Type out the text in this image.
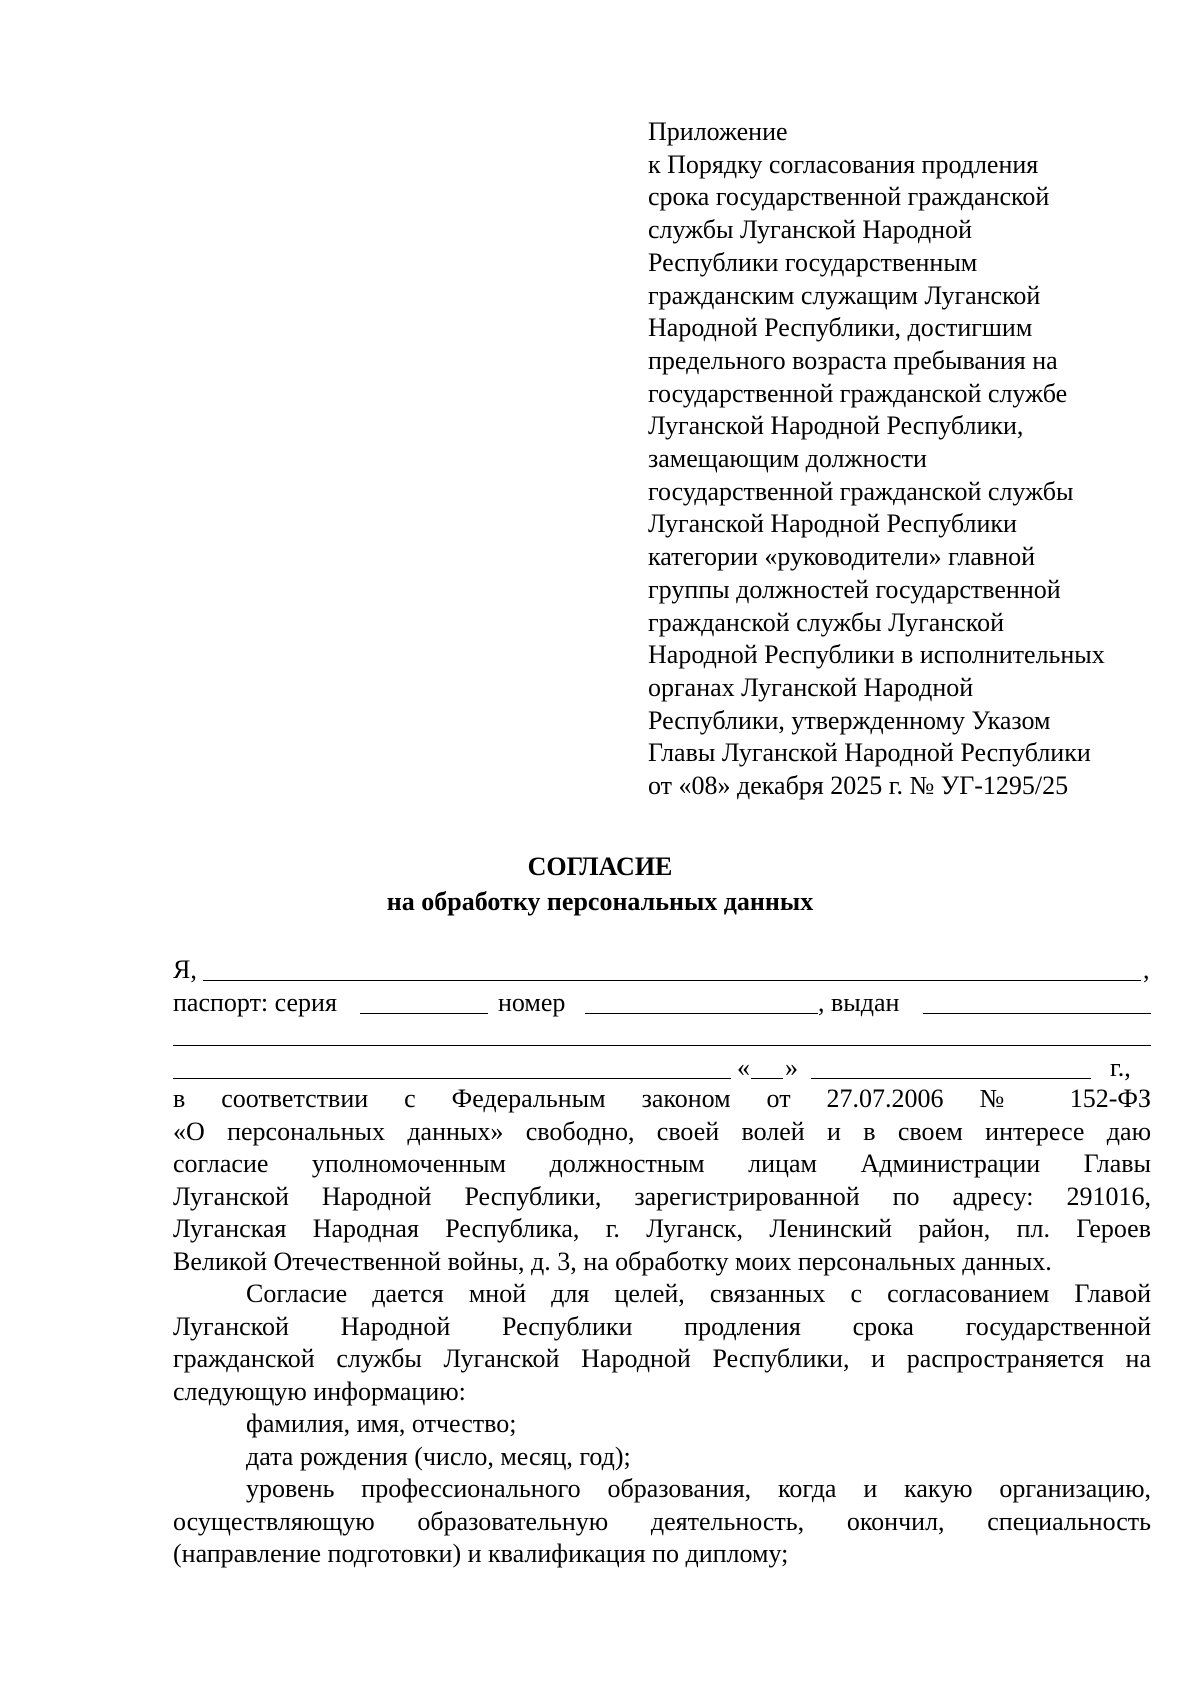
Приложение
к Порядку согласования продления
срока государственной гражданской
службы Луганской Народной
Республики государственным
гражданским служащим Луганской
Народной Республики, достигшим
предельного возраста пребывания на
государственной гражданской службе
Луганской Народной Республики,
замещающим должности
государственной гражданской службы
Луганской Народной Республики
категории «руководители» главной
группы должностей государственной
гражданской службы Луганской
Народной Республики в исполнительных
органах Луганской Народной
Республики, утвержденному Указом
Главы Луганской Народной Республики
от «08» декабря 2025 г. № УГ-1295/25
СОГЛАСИЕ
на обработку персональных данных
Я,	,
паспорт: серия	номер	, выдан
« »	г.,
в соответствии с Федеральным законом от 27.07.2006 № 152-ФЗ
«О персональных данных» свободно, своей волей и в своем интересе даю
согласие уполномоченным должностным лицам Администрации Главы
Луганской Народной Республики, зарегистрированной по адресу: 291016,
Луганская Народная Республика, г. Луганск, Ленинский район, пл. Героев
Великой Отечественной войны, д. 3, на обработку моих персональных данных.
Согласие дается мной для целей, связанных с согласованием Главой
Луганской Народной Республики продления срока государственной
гражданской службы Луганской Народной Республики, и распространяется на
следующую информацию:
фамилия, имя, отчество;
дата рождения (число, месяц, год);
уровень профессионального образования, когда и какую организацию,
осуществляющую образовательную деятельность, окончил, специальность
(направление подготовки) и квалификация по диплому;
